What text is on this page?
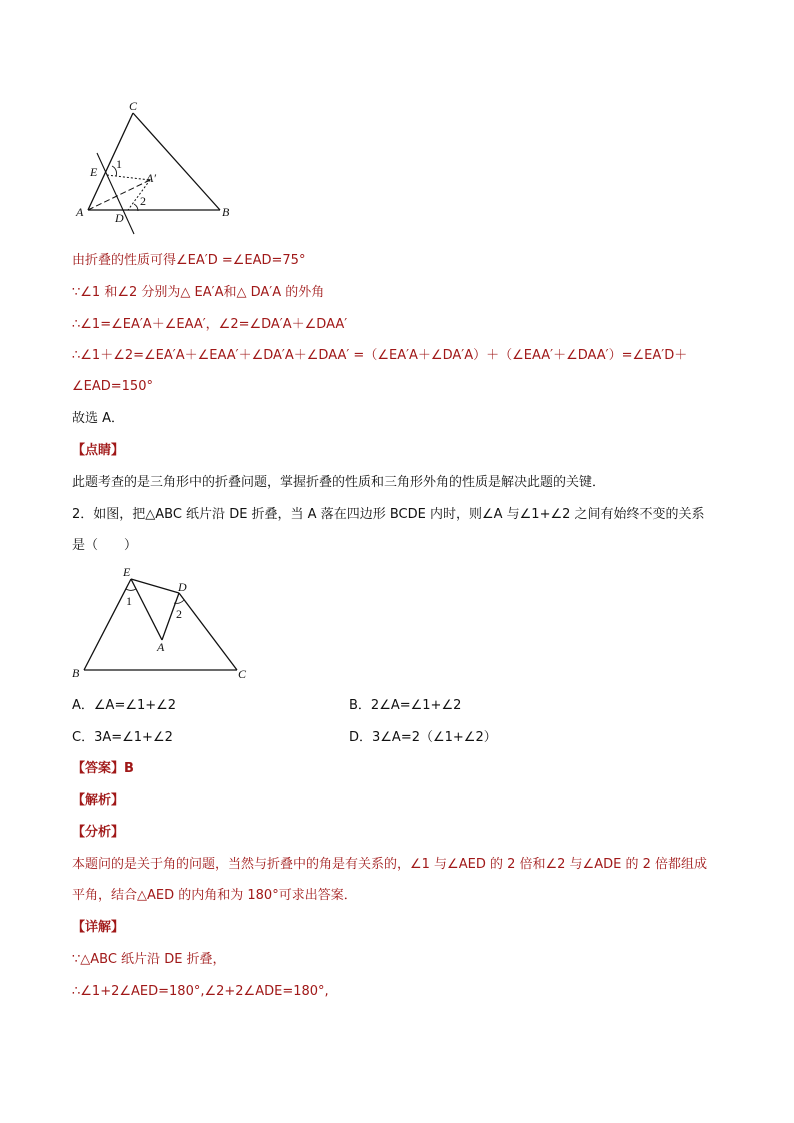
C
E	A′
A	D	B
1
2
由折叠的性质可得∠EA′D =∠EAD=75°
∵∠1 和∠2 分别为△ EA′A和△ DA′A 的外角
∴∠1=∠EA′A＋∠EAA′，∠2=∠DA′A＋∠DAA′
∴∠1＋∠2=∠EA′A＋∠EAA′＋∠DA′A＋∠DAA′ =（∠EA′A＋∠DA′A）＋（∠EAA′＋∠DAA′）=∠EA′D＋
∠EAD=150°
故选 A．
【点睛】
此题考查的是三角形中的折叠问题，掌握折叠的性质和三角形外角的性质是解决此题的关键．
2．如图，把△ABC 纸片沿 DE 折叠，当 A 落在四边形 BCDE 内时，则∠A 与∠1+∠2 之间有始终不变的关系
是（　　）
E
D
A
B	C
1
2
A．∠A=∠1+∠2	B．2∠A=∠1+∠2
C．3A=∠1+∠2	D．3∠A=2（∠1+∠2）
【答案】B
【解析】
【分析】
本题问的是关于角的问题，当然与折叠中的角是有关系的，∠1 与∠AED 的 2 倍和∠2 与∠ADE 的 2 倍都组成
平角，结合△AED 的内角和为 180°可求出答案．
【详解】
∵△ABC 纸片沿 DE 折叠，
∴∠1+2∠AED=180°,∠2+2∠ADE=180°,
